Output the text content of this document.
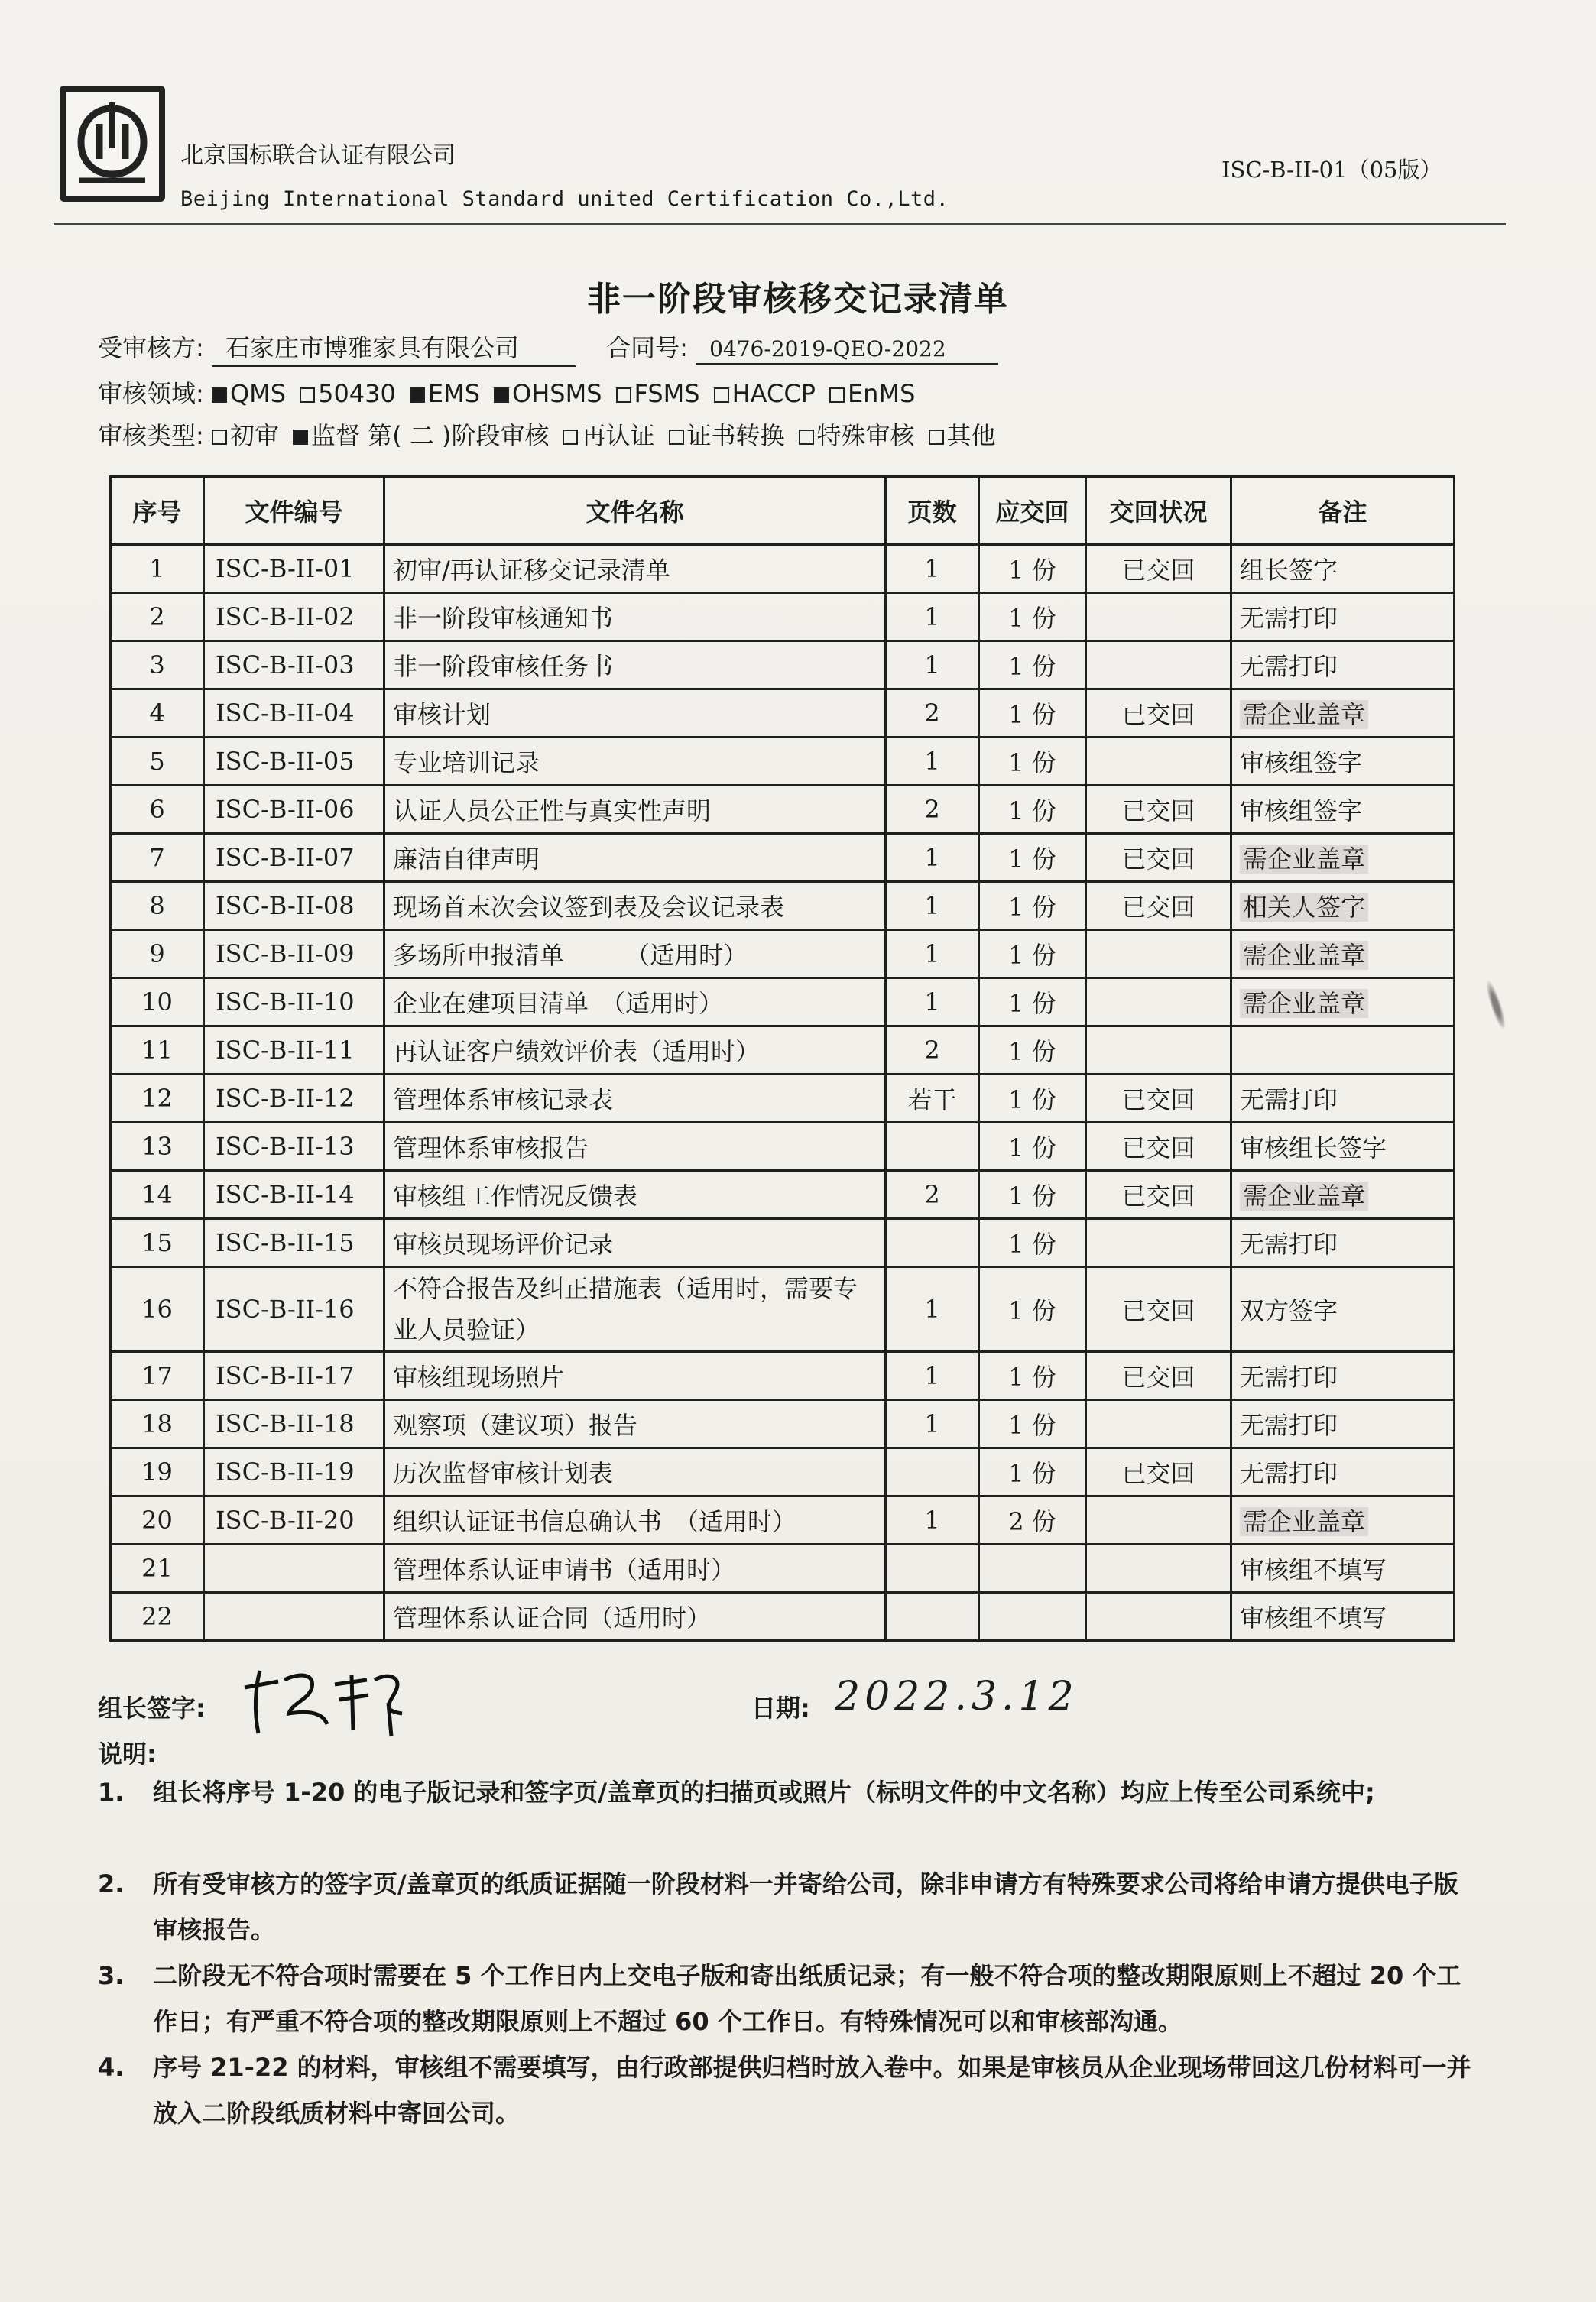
北京国标联合认证有限公司
Beijing International Standard united Certification Co.,Ltd.
ISC-B-II-01（05版）
非一阶段审核移交记录清单
受审核方: 石家庄市博雅家具有限公司	合同号: 0476-2019-QEO-2022
审核领域: QMS 50430 EMS OHSMS FSMS HACCP EnMS
审核类型: 初审 监督 第( 二 )阶段审核 再认证 证书转换 特殊审核 其他
序号	文件编号	文件名称	页数	应交回	交回状况	备注
1	ISC-B-II-01	初审/再认证移交记录清单	1	1 份	已交回	组长签字
2	ISC-B-II-02	非一阶段审核通知书	1	1 份		无需打印
3	ISC-B-II-03	非一阶段审核任务书	1	1 份		无需打印
4	ISC-B-II-04	审核计划	2	1 份	已交回	需企业盖章
5	ISC-B-II-05	专业培训记录	1	1 份		审核组签字
6	ISC-B-II-06	认证人员公正性与真实性声明	2	1 份	已交回	审核组签字
7	ISC-B-II-07	廉洁自律声明	1	1 份	已交回	需企业盖章
8	ISC-B-II-08	现场首末次会议签到表及会议记录表	1	1 份	已交回	相关人签字
9	ISC-B-II-09	多场所申报清单　　　（适用时）	1	1 份		需企业盖章
10	ISC-B-II-10	企业在建项目清单　（适用时）	1	1 份		需企业盖章
11	ISC-B-II-11	再认证客户绩效评价表（适用时）	2	1 份		
12	ISC-B-II-12	管理体系审核记录表	若干	1 份	已交回	无需打印
13	ISC-B-II-13	管理体系审核报告		1 份	已交回	审核组长签字
14	ISC-B-II-14	审核组工作情况反馈表	2	1 份	已交回	需企业盖章
15	ISC-B-II-15	审核员现场评价记录		1 份		无需打印
16	ISC-B-II-16	不符合报告及纠正措施表（适用时，需要专业人员验证）	1	1 份	已交回	双方签字
17	ISC-B-II-17	审核组现场照片	1	1 份	已交回	无需打印
18	ISC-B-II-18	观察项（建议项）报告	1	1 份		无需打印
19	ISC-B-II-19	历次监督审核计划表		1 份	已交回	无需打印
20	ISC-B-II-20	组织认证证书信息确认书　（适用时）	1	2 份		需企业盖章
21		管理体系认证申请书（适用时）				审核组不填写
22		管理体系认证合同（适用时）				审核组不填写
组长签字:	日期: 2022.3.12
说明:
1.	组长将序号 1-20 的电子版记录和签字页/盖章页的扫描页或照片（标明文件的中文名称）均应上传至公司系统中;
2.	所有受审核方的签字页/盖章页的纸质证据随一阶段材料一并寄给公司，除非申请方有特殊要求公司将给申请方提供电子版审核报告。
3.	二阶段无不符合项时需要在 5 个工作日内上交电子版和寄出纸质记录；有一般不符合项的整改期限原则上不超过 20 个工作日；有严重不符合项的整改期限原则上不超过 60 个工作日。有特殊情况可以和审核部沟通。
4.	序号 21-22 的材料，审核组不需要填写，由行政部提供归档时放入卷中。如果是审核员从企业现场带回这几份材料可一并放入二阶段纸质材料中寄回公司。
